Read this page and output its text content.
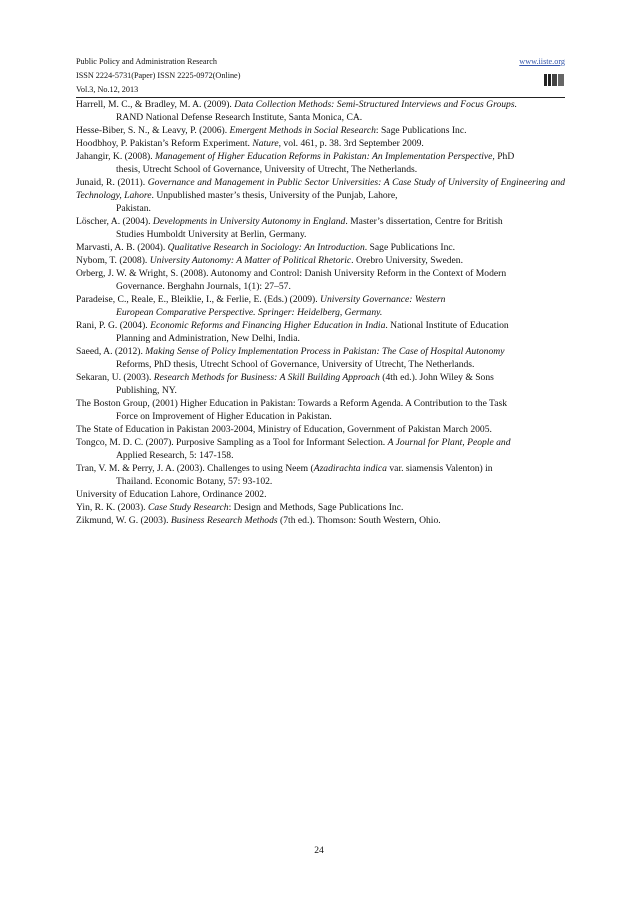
Public Policy and Administration Research	www.iiste.org
ISSN 2224-5731(Paper) ISSN 2225-0972(Online)
Vol.3, No.12, 2013

Harrell, M. C., & Bradley, M. A. (2009). Data Collection Methods: Semi-Structured Interviews and Focus Groups.
RAND National Defense Research Institute, Santa Monica, CA.

Hesse-Biber, S. N., & Leavy, P. (2006). Emergent Methods in Social Research: Sage Publications Inc.

Hoodbhoy, P. Pakistan’s Reform Experiment. Nature, vol. 461, p. 38. 3rd September 2009.

Jahangir, K. (2008). Management of Higher Education Reforms in Pakistan: An Implementation Perspective, PhD
thesis, Utrecht School of Governance, University of Utrecht, The Netherlands.

Junaid, R. (2011). Governance and Management in Public Sector Universities: A Case Study of University of Engineering and Technology, Lahore. Unpublished master’s thesis, University of the Punjab, Lahore,
Pakistan.

Löscher, A. (2004). Developments in University Autonomy in England. Master’s dissertation, Centre for British
Studies Humboldt University at Berlin, Germany.

Marvasti, A. B. (2004). Qualitative Research in Sociology: An Introduction. Sage Publications Inc.

Nybom, T. (2008). University Autonomy: A Matter of Political Rhetoric. Orebro University, Sweden.

Orberg, J. W. & Wright, S. (2008). Autonomy and Control: Danish University Reform in the Context of Modern
Governance. Berghahn Journals, 1(1): 27–57.

Paradeise, C., Reale, E., Bleiklie, I., & Ferlie, E. (Eds.) (2009). University Governance: Western
European Comparative Perspective. Springer: Heidelberg, Germany.

Rani, P. G. (2004). Economic Reforms and Financing Higher Education in India. National Institute of Education
Planning and Administration, New Delhi, India.

Saeed, A. (2012). Making Sense of Policy Implementation Process in Pakistan: The Case of Hospital Autonomy
Reforms, PhD thesis, Utrecht School of Governance, University of Utrecht, The Netherlands.

Sekaran, U. (2003). Research Methods for Business: A Skill Building Approach (4th ed.). John Wiley & Sons
Publishing, NY.

The Boston Group, (2001) Higher Education in Pakistan: Towards a Reform Agenda. A Contribution to the Task
Force on Improvement of Higher Education in Pakistan.

The State of Education in Pakistan 2003-2004, Ministry of Education, Government of Pakistan March 2005.

Tongco, M. D. C. (2007). Purposive Sampling as a Tool for Informant Selection. A Journal for Plant, People and
Applied Research, 5: 147-158.

Tran, V. M. & Perry, J. A. (2003). Challenges to using Neem (Azadirachta indica var. siamensis Valenton) in
Thailand. Economic Botany, 57: 93-102.

University of Education Lahore, Ordinance 2002.

Yin, R. K. (2003). Case Study Research: Design and Methods, Sage Publications Inc.

Zikmund, W. G. (2003). Business Research Methods (7th ed.). Thomson: South Western, Ohio.

24
